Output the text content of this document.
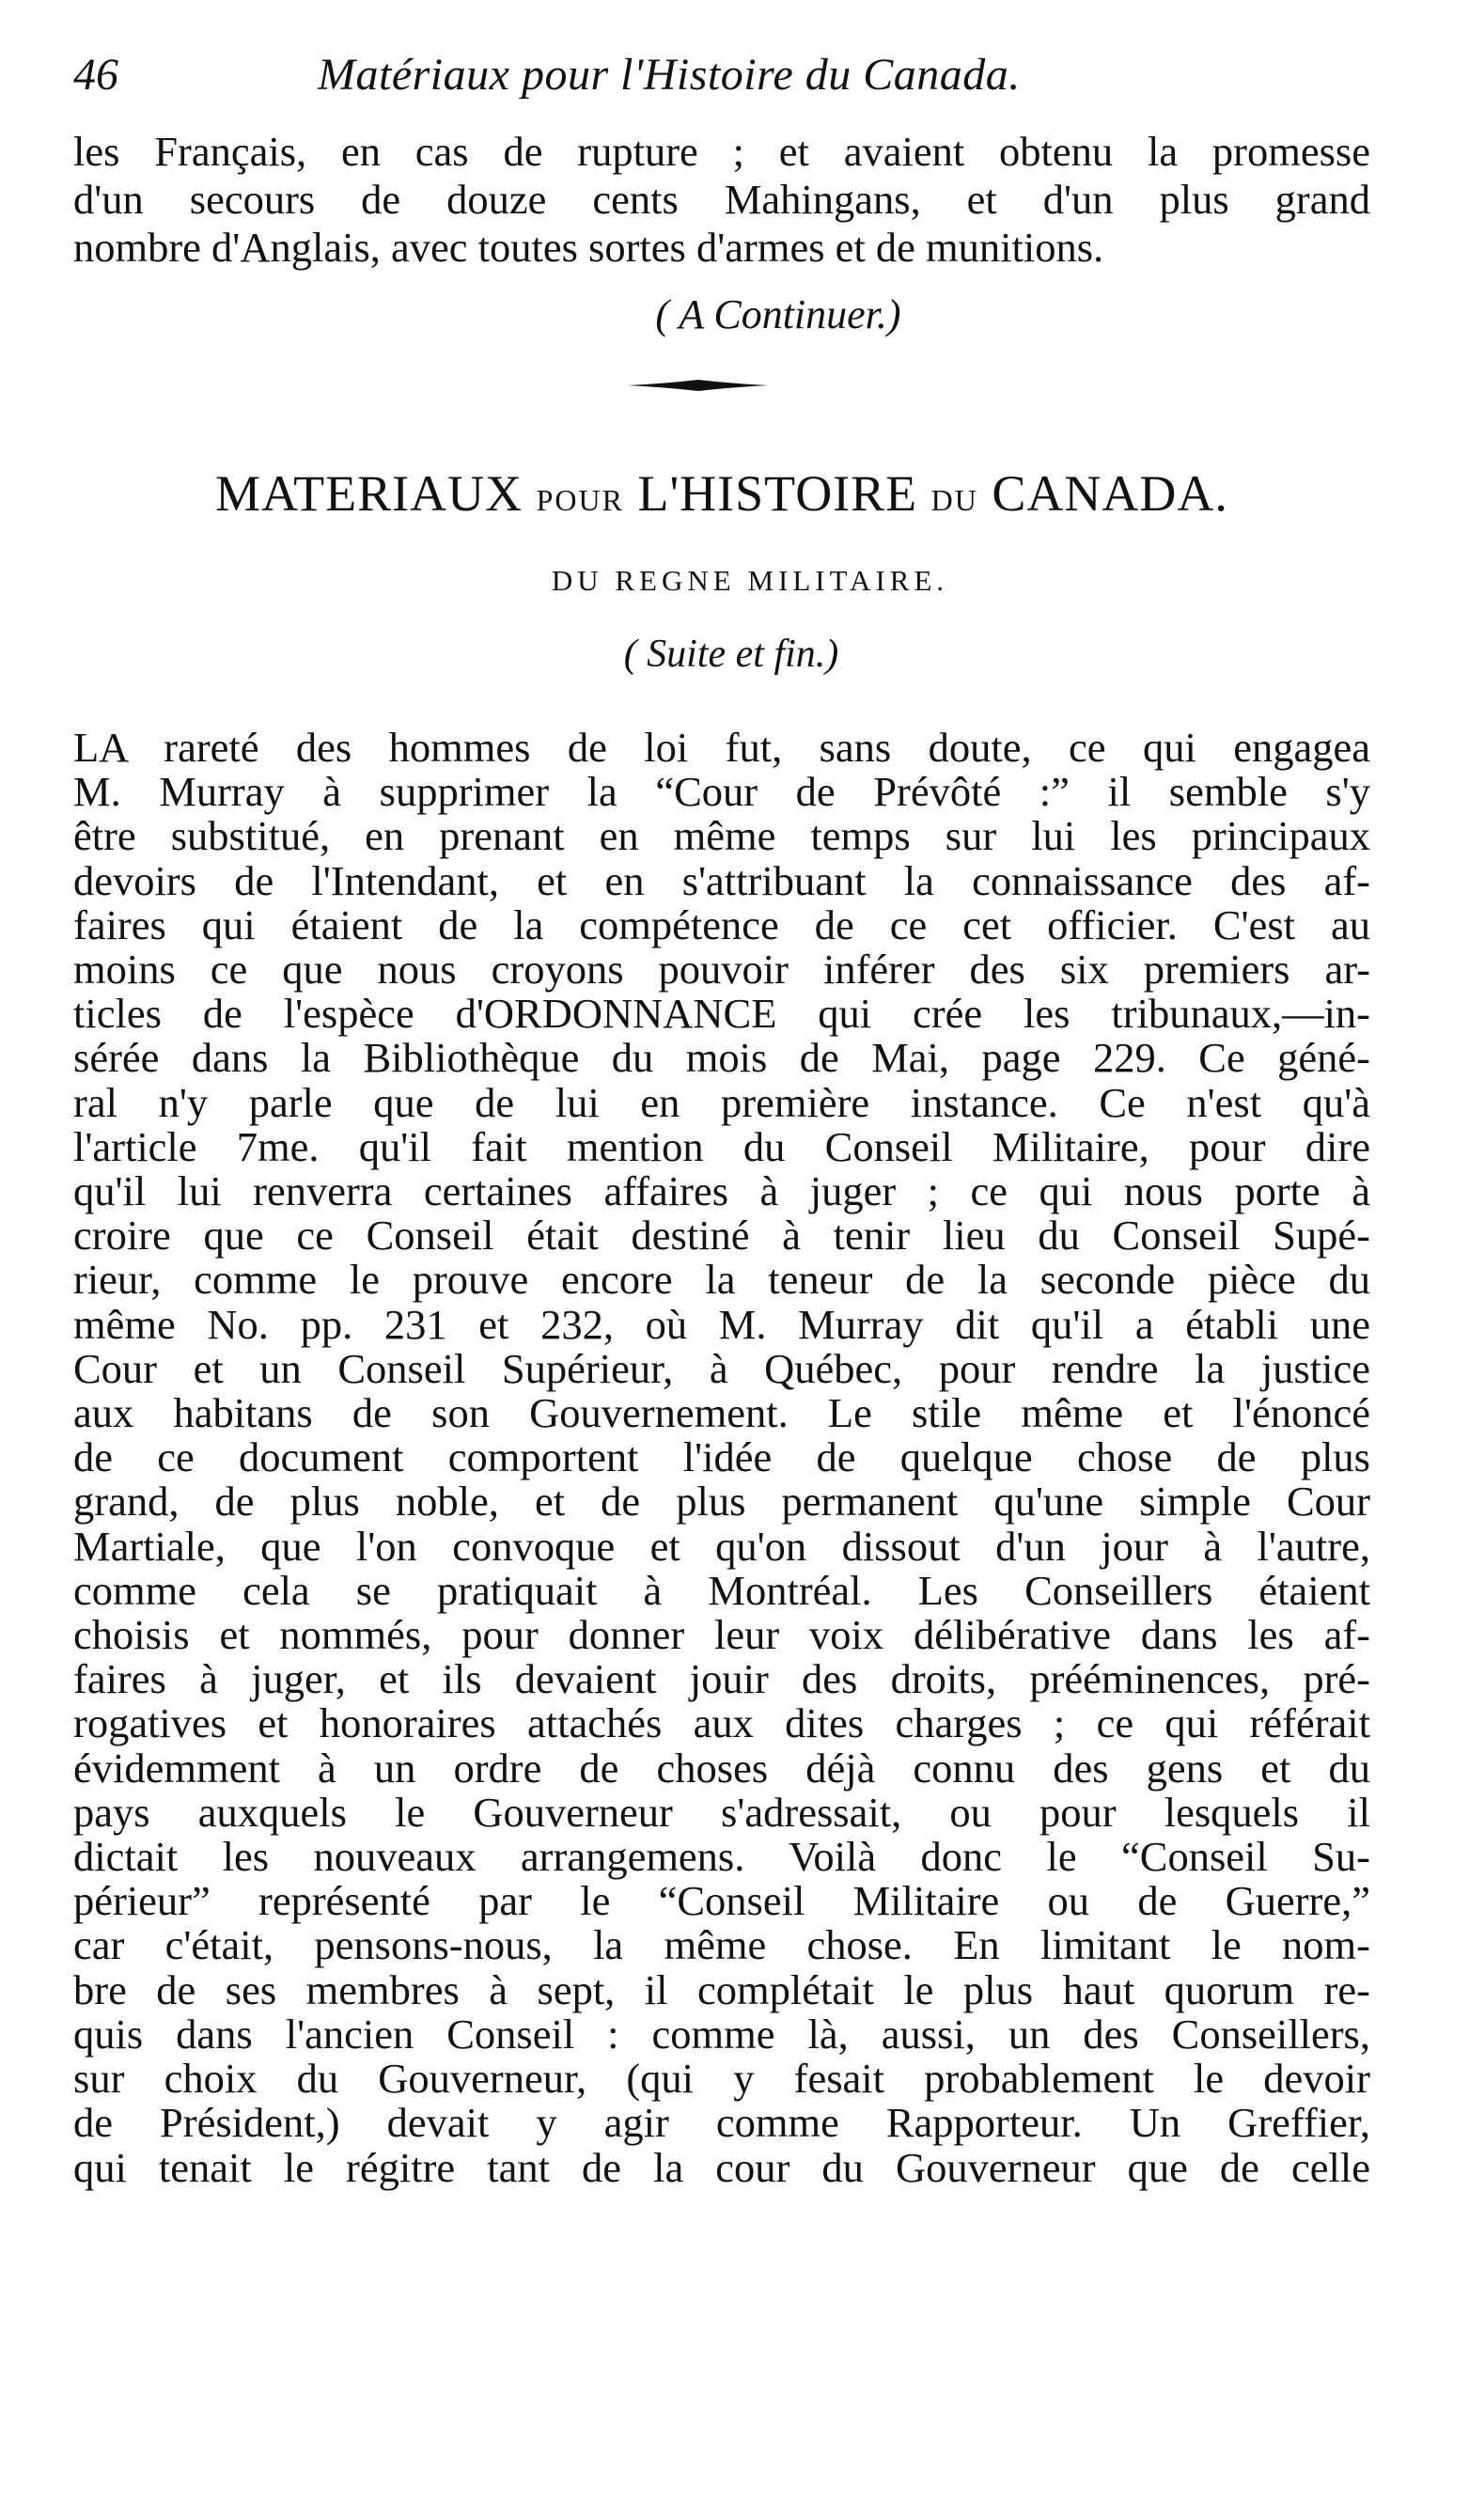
46	Matériaux pour l'Histoire du Canada.
les Français, en cas de rupture ; et avaient obtenu la promesse
d'un secours de douze cents Mahingans, et d'un plus grand
nombre d'Anglais, avec toutes sortes d'armes et de munitions.
( A Continuer.)
MATERIAUX POUR L'HISTOIRE DU CANADA.
DU REGNE MILITAIRE.
( Suite et fin.)
LA rareté des hommes de loi fut, sans doute, ce qui engagea
M. Murray à supprimer la “Cour de Prévôté :” il semble s'y
être substitué, en prenant en même temps sur lui les principaux
devoirs de l'Intendant, et en s'attribuant la connaissance des af-
faires qui étaient de la compétence de ce cet officier. C'est au
moins ce que nous croyons pouvoir inférer des six premiers ar-
ticles de l'espèce d'ORDONNANCE qui crée les tribunaux,—in-
sérée dans la Bibliothèque du mois de Mai, page 229. Ce géné-
ral n'y parle que de lui en première instance. Ce n'est qu'à
l'article 7me. qu'il fait mention du Conseil Militaire, pour dire
qu'il lui renverra certaines affaires à juger ; ce qui nous porte à
croire que ce Conseil était destiné à tenir lieu du Conseil Supé-
rieur, comme le prouve encore la teneur de la seconde pièce du
même No. pp. 231 et 232, où M. Murray dit qu'il a établi une
Cour et un Conseil Supérieur, à Québec, pour rendre la justice
aux habitans de son Gouvernement. Le stile même et l'énoncé
de ce document comportent l'idée de quelque chose de plus
grand, de plus noble, et de plus permanent qu'une simple Cour
Martiale, que l'on convoque et qu'on dissout d'un jour à l'autre,
comme cela se pratiquait à Montréal. Les Conseillers étaient
choisis et nommés, pour donner leur voix délibérative dans les af-
faires à juger, et ils devaient jouir des droits, prééminences, pré-
rogatives et honoraires attachés aux dites charges ; ce qui référait
évidemment à un ordre de choses déjà connu des gens et du
pays auxquels le Gouverneur s'adressait, ou pour lesquels il
dictait les nouveaux arrangemens. Voilà donc le “Conseil Su-
périeur” représenté par le “Conseil Militaire ou de Guerre,”
car c'était, pensons-nous, la même chose. En limitant le nom-
bre de ses membres à sept, il complétait le plus haut quorum re-
quis dans l'ancien Conseil : comme là, aussi, un des Conseillers,
sur choix du Gouverneur, (qui y fesait probablement le devoir
de Président,) devait y agir comme Rapporteur. Un Greffier,
qui tenait le régitre tant de la cour du Gouverneur que de celle
